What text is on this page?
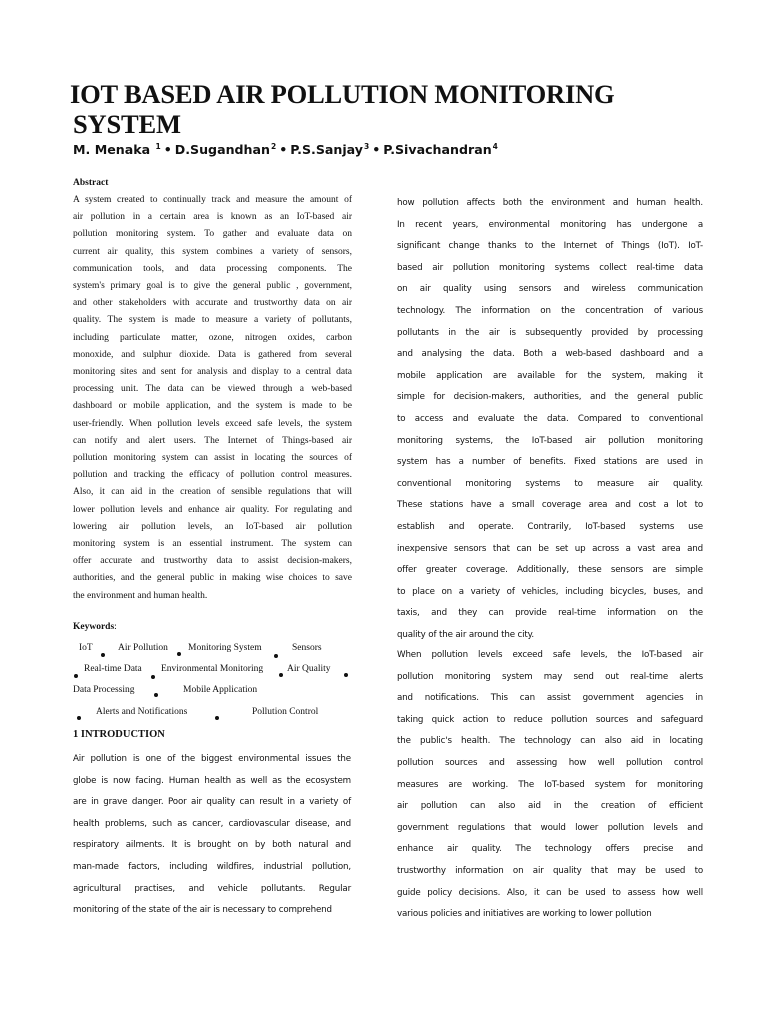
IOT BASED AIR POLLUTION MONITORING
SYSTEM
M. Menaka $^1$ • D.Sugandhan$^2$ • P.S.Sanjay$^3$ • P.Sivachandran$^4$
Abstract
A system created to continually track and measure the amount of
air pollution in a certain area is known as an IoT-based air
pollution monitoring system. To gather and evaluate data on
current air quality, this system combines a variety of sensors,
communication tools, and data processing components. The
system's primary goal is to give the general public , government,
and other stakeholders with accurate and trustworthy data on air
quality. The system is made to measure a variety of pollutants,
including particulate matter, ozone, nitrogen oxides, carbon
monoxide, and sulphur dioxide. Data is gathered from several
monitoring sites and sent for analysis and display to a central data
processing unit. The data can be viewed through a web-based
dashboard or mobile application, and the system is made to be
user-friendly. When pollution levels exceed safe levels, the system
can notify and alert users. The Internet of Things-based air
pollution monitoring system can assist in locating the sources of
pollution and tracking the efficacy of pollution control measures.
Also, it can aid in the creation of sensible regulations that will
lower pollution levels and enhance air quality. For regulating and
lowering air pollution levels, an IoT-based air pollution
monitoring system is an essential instrument. The system can
offer accurate and trustworthy data to assist decision-makers,
authorities, and the general public in making wise choices to save
the environment and human health.
Keywords:
IoT	Air Pollution Monitoring System	Sensors
Real-time Data Environmental Monitoring	Air Quality
Data Processing	Mobile Application
Alerts and Notifications	Pollution Control
1 INTRODUCTION
Air pollution is one of the biggest environmental issues the
globe is now facing. Human health as well as the ecosystem
are in grave danger. Poor air quality can result in a variety of
health problems, such as cancer, cardiovascular disease, and
respiratory ailments. It is brought on by both natural and
man-made factors, including wildfires, industrial pollution,
agricultural practises, and vehicle pollutants. Regular
monitoring of the state of the air is necessary to comprehend
how pollution affects both the environment and human health.
In recent years, environmental monitoring has undergone a
significant change thanks to the Internet of Things (IoT). IoT-
based air pollution monitoring systems collect real-time data
on air quality using sensors and wireless communication
technology. The information on the concentration of various
pollutants in the air is subsequently provided by processing
and analysing the data. Both a web-based dashboard and a
mobile application are available for the system, making it
simple for decision-makers, authorities, and the general public
to access and evaluate the data. Compared to conventional
monitoring systems, the IoT-based air pollution monitoring
system has a number of benefits. Fixed stations are used in
conventional monitoring systems to measure air quality.
These stations have a small coverage area and cost a lot to
establish and operate. Contrarily, IoT-based systems use
inexpensive sensors that can be set up across a vast area and
offer greater coverage. Additionally, these sensors are simple
to place on a variety of vehicles, including bicycles, buses, and
taxis, and they can provide real-time information on the
quality of the air around the city.
When pollution levels exceed safe levels, the IoT-based air
pollution monitoring system may send out real-time alerts
and notifications. This can assist government agencies in
taking quick action to reduce pollution sources and safeguard
the public's health. The technology can also aid in locating
pollution sources and assessing how well pollution control
measures are working. The IoT-based system for monitoring
air pollution can also aid in the creation of efficient
government regulations that would lower pollution levels and
enhance air quality. The technology offers precise and
trustworthy information on air quality that may be used to
guide policy decisions. Also, it can be used to assess how well
various policies and initiatives are working to lower pollution
